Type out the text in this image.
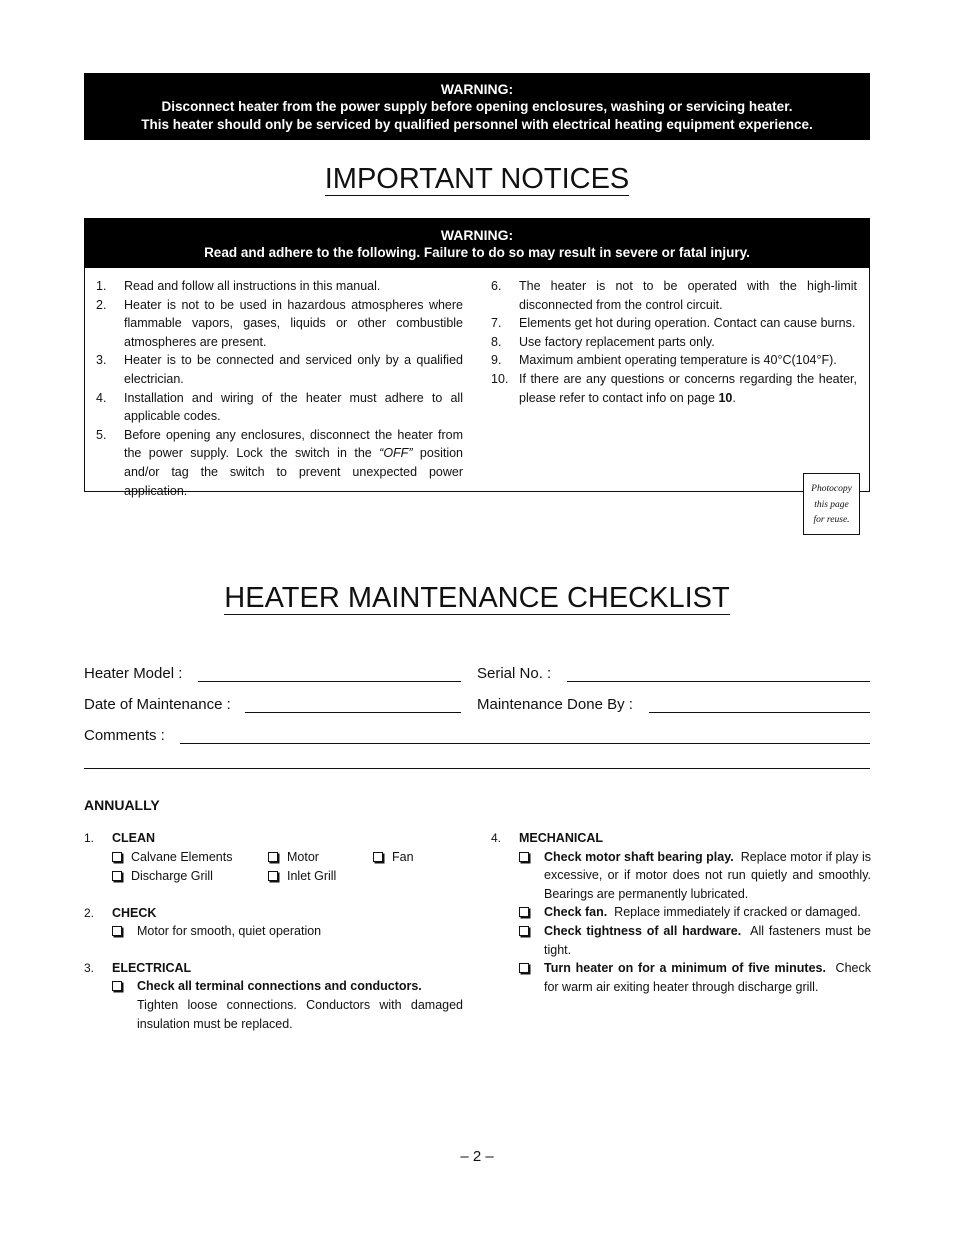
WARNING:
Disconnect heater from the power supply before opening enclosures, washing or servicing heater.
This heater should only be serviced by qualified personnel with electrical heating equipment experience.
IMPORTANT NOTICES
WARNING:
Read and adhere to the following. Failure to do so may result in severe or fatal injury.
1. Read and follow all instructions in this manual.
2. Heater is not to be used in hazardous atmospheres where flammable vapors, gases, liquids or other combustible atmospheres are present.
3. Heater is to be connected and serviced only by a qualified electrician.
4. Installation and wiring of the heater must adhere to all applicable codes.
5. Before opening any enclosures, disconnect the heater from the power supply. Lock the switch in the “OFF” position and/or tag the switch to prevent unexpected power application.
6. The heater is not to be operated with the high-limit disconnected from the control circuit.
7. Elements get hot during operation. Contact can cause burns.
8. Use factory replacement parts only.
9. Maximum ambient operating temperature is 40°C(104°F).
10. If there are any questions or concerns regarding the heater, please refer to contact info on page 10.
Photocopy
this page
for reuse.
HEATER MAINTENANCE CHECKLIST
Heater Model :	Serial No. :
Date of Maintenance :	Maintenance Done By :
Comments :
ANNUALLY
1. CLEAN
Calvane Elements	Motor	Fan
Discharge Grill	Inlet Grill
2. CHECK
Motor for smooth, quiet operation
3. ELECTRICAL
Check all terminal connections and conductors.
Tighten loose connections. Conductors with damaged insulation must be replaced.
4. MECHANICAL
Check motor shaft bearing play.  Replace motor if play is excessive, or if motor does not run quietly and smoothly. Bearings are permanently lubricated.
Check fan.  Replace immediately if cracked or damaged.
Check tightness of all hardware.  All fasteners must be tight.
Turn heater on for a minimum of five minutes.  Check for warm air exiting heater through discharge grill.
– 2 –
